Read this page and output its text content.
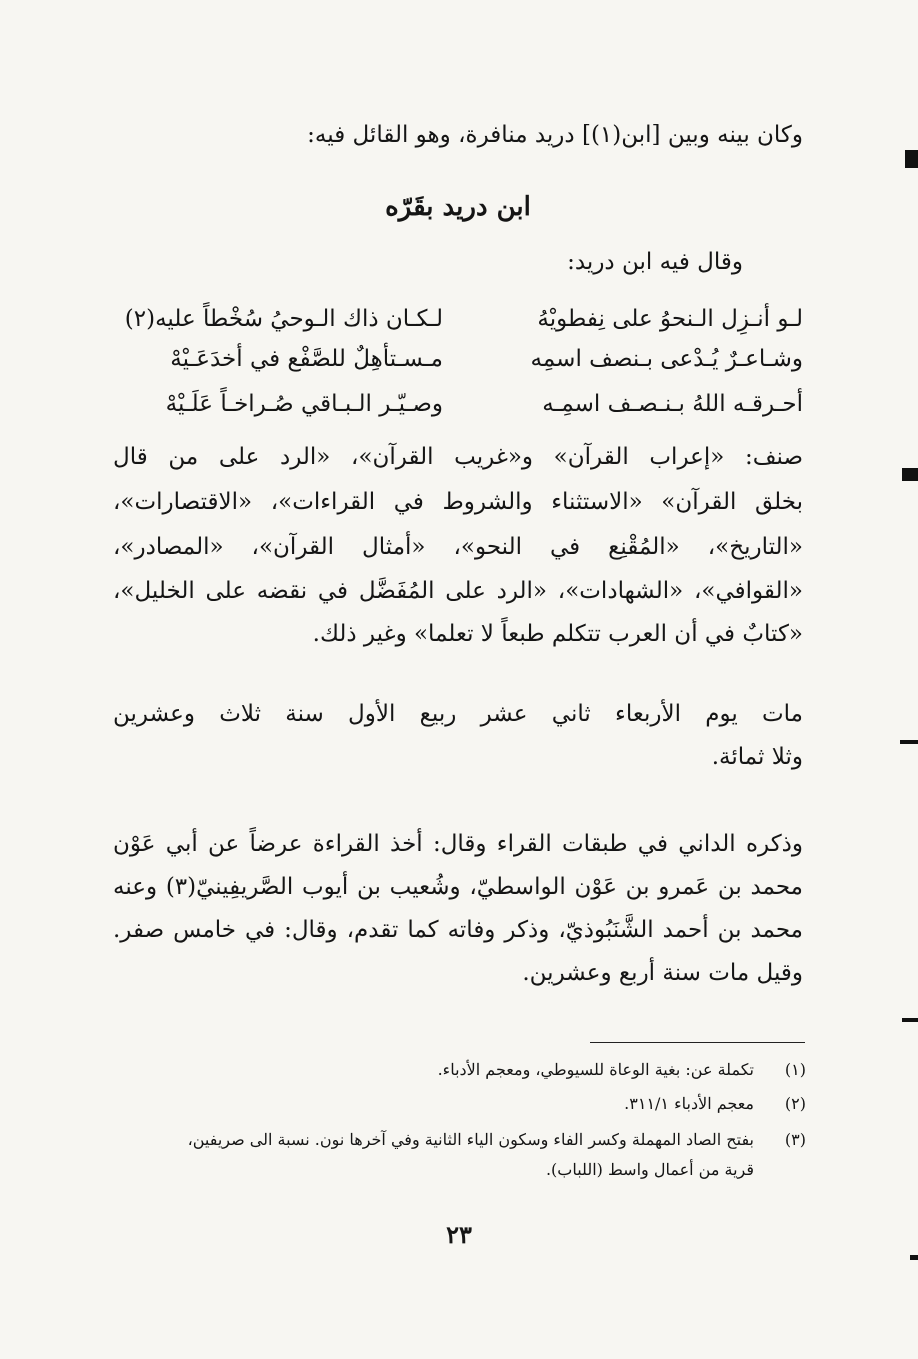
وكان بينه وبين [ابن(١)] دريد منافرة، وهو القائل فيه:
ابن دريد بقَرّه
وقال فيه ابن دريد:
لـو أنـزِل الـنحوُ على نِفطويْهُ
لـكـان ذاك الـوحيُ سُخْطاً عليه(٢)
وشـاعـرٌ يُـدْعى بـنصف اسمِه
مـسـتأهِلٌ للصَّفْع في أخدَعَـيْهْ
أحـرقـه اللهُ بـنـصـف اسمِـه
وصـيّـر الـبـاقي صُـراخـاً عَلَـيْهْ
صنف: «إعراب القرآن» و«غريب القرآن»، «الرد على من قال
بخلق القرآن» «الاستثناء والشروط في القراءات»، «الاقتصارات»،
«التاريخ»، «المُقْنِع في النحو»، «أمثال القرآن»، «المصادر»،
«القوافي»، «الشهادات»، «الرد على المُفَضَّل في نقضه على الخليل»،
«كتابٌ في أن العرب تتكلم طبعاً لا تعلما» وغير ذلك.
مات يوم الأربعاء ثاني عشر ربيع الأول سنة ثلاث وعشرين
وثلا ثمائة.
وذكره الداني في طبقات القراء وقال: أخذ القراءة عرضاً عن أبي عَوْن
محمد بن عَمرو بن عَوْن الواسطيّ، وشُعيب بن أيوب الصَّريفِينيّ(٣) وعنه
محمد بن أحمد الشَّنَبُوذيّ، وذكر وفاته كما تقدم، وقال: في خامس صفر.
وقيل مات سنة أربع وعشرين.
(١)
تكملة عن: بغية الوعاة للسيوطي، ومعجم الأدباء.
(٢)
معجم الأدباء ٣١١/١.
(٣)
بفتح الصاد المهملة وكسر الفاء وسكون الياء الثانية وفي آخرها نون. نسبة الى صريفين،
قرية من أعمال واسط (اللباب).
٢٣
